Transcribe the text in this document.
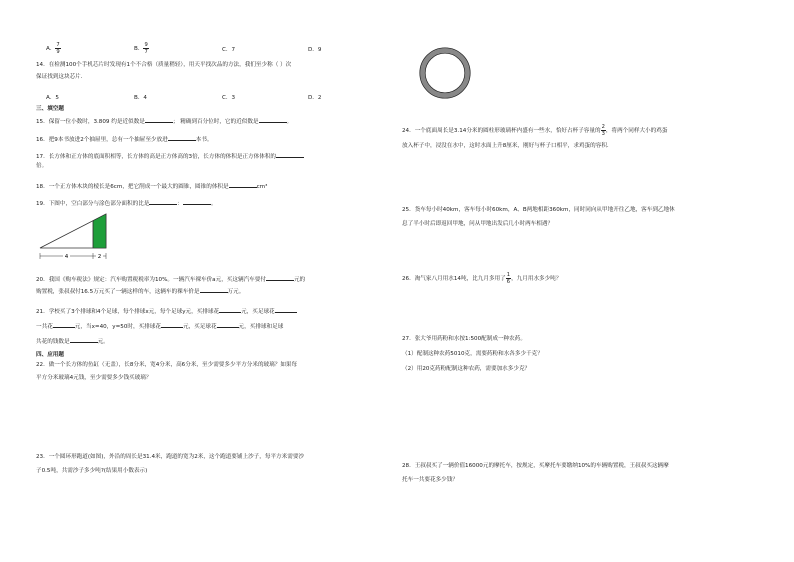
A． $\frac{7}{9}$	B． $\frac{9}{7}$	C．7	D．9
14．在检测100个手机芯片时发现有1个不合格（质量稍轻），用天平找次品的方法，我们至少称（ ）次
保证找到这块芯片．
A．5	B．4	C．3	D．2
三、填空题
15．保留一位小数时，3.809 约是近似数是	； 精确到百分位时，它的近似数是	。
16．把9本书放进2个抽屉里，总有一个抽屉至少放进	本书。
17．长方体和正方体的底面积相等，长方体的高是正方体高的3倍，长方体的体积是正方体体积的
倍。
18．一个正方体木块的棱长是6cm，把它削成一个最大的圆锥，圆锥的体积是	cm³
19．下图中，空白部分与涂色部分面积的比是	：	。
4	2
20．我国《购车税法》规定：汽车购置税税率为10%。一辆汽车裸车价a元，买这辆汽车要付	元的
购置税，张叔叔付16.5万元买了一辆这样的车，这辆车的裸车价是	万元。
21．学校买了3个排球和4个足球，每个排球x元，每个足球y元，买排球花	元，买足球花
一共花	元，当x=40，y=50时，买排球花	元，买足球花	元，买排球和足球
共花的钱数是	元。
四、应用题
22．做一个长方体的鱼缸（无盖），长8分米，宽4分米，高6分米，至少需要多少平方分米的玻璃？如果每
平方分米玻璃4元钱，至少需要多少钱买玻璃？
23．一个圆环形跑道(如图)，外沿的周长是31.4米，跑道的宽为2米，这个跑道要铺上沙子，每平方米需要沙
子0.5吨，共需沙子多少吨?(结果用小数表示)
24．一个底面周长是3.14分米的圆柱形玻璃杯内盛有一些水，恰好占杯子容量的 $\frac{2}{3}$ ，将两个同样大小的鸡蛋
放入杯子中，浸没在水中，这时水面上升8厘米，刚好与杯子口相平，求鸡蛋的容积．
25．货车每小时40km，客车每小时60km，A、B两地相距360km，同时同向从甲地开往乙地，客车到乙地休
息了半小时后即返回甲地，问从甲地出发后几小时两车相遇？
26．淘气家八月用水14吨，比九月多用了 $\frac{1}{6}$ ，九月用水多少吨？
27．张大爷用药粉和水按1:500配制成一种农药。
（1）配制这种农药5010克，需要药粉和水各多少千克？
（2）用20克药粉配制这种农药，需要加水多少克？
28．王叔叔买了一辆价值16000元的摩托车，按规定，买摩托车要缴纳10%的车辆购置税，王叔叔买这辆摩
托车一共要花多少钱？
